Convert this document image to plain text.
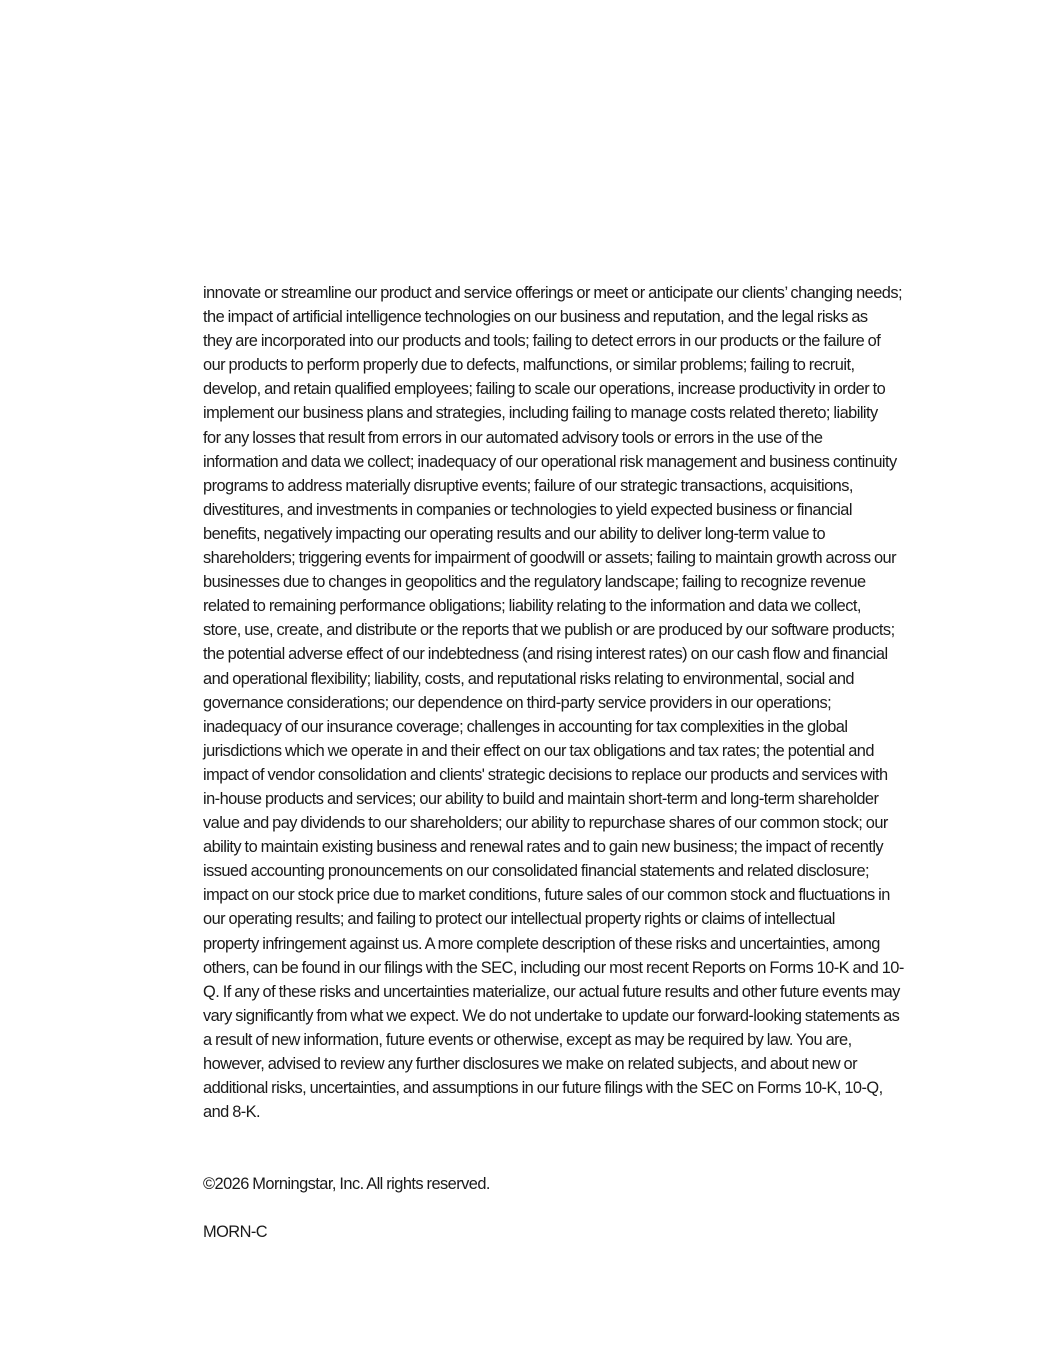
innovate or streamline our product and service offerings or meet or anticipate our clients’ changing needs;
the impact of artificial intelligence technologies on our business and reputation, and the legal risks as
they are incorporated into our products and tools; failing to detect errors in our products or the failure of
our products to perform properly due to defects, malfunctions, or similar problems; failing to recruit,
develop, and retain qualified employees; failing to scale our operations, increase productivity in order to
implement our business plans and strategies, including failing to manage costs related thereto; liability
for any losses that result from errors in our automated advisory tools or errors in the use of the
information and data we collect; inadequacy of our operational risk management and business continuity
programs to address materially disruptive events; failure of our strategic transactions, acquisitions,
divestitures, and investments in companies or technologies to yield expected business or financial
benefits, negatively impacting our operating results and our ability to deliver long-term value to
shareholders; triggering events for impairment of goodwill or assets; failing to maintain growth across our
businesses due to changes in geopolitics and the regulatory landscape; failing to recognize revenue
related to remaining performance obligations; liability relating to the information and data we collect,
store, use, create, and distribute or the reports that we publish or are produced by our software products;
the potential adverse effect of our indebtedness (and rising interest rates) on our cash flow and financial
and operational flexibility; liability, costs, and reputational risks relating to environmental, social and
governance considerations; our dependence on third-party service providers in our operations;
inadequacy of our insurance coverage; challenges in accounting for tax complexities in the global
jurisdictions which we operate in and their effect on our tax obligations and tax rates; the potential and
impact of vendor consolidation and clients' strategic decisions to replace our products and services with
in-house products and services; our ability to build and maintain short-term and long-term shareholder
value and pay dividends to our shareholders; our ability to repurchase shares of our common stock; our
ability to maintain existing business and renewal rates and to gain new business; the impact of recently
issued accounting pronouncements on our consolidated financial statements and related disclosure;
impact on our stock price due to market conditions, future sales of our common stock and fluctuations in
our operating results; and failing to protect our intellectual property rights or claims of intellectual
property infringement against us. A more complete description of these risks and uncertainties, among
others, can be found in our filings with the SEC, including our most recent Reports on Forms 10-K and 10-
Q. If any of these risks and uncertainties materialize, our actual future results and other future events may
vary significantly from what we expect. We do not undertake to update our forward-looking statements as
a result of new information, future events or otherwise, except as may be required by law. You are,
however, advised to review any further disclosures we make on related subjects, and about new or
additional risks, uncertainties, and assumptions in our future filings with the SEC on Forms 10-K, 10-Q,
and 8-K.
©2026 Morningstar, Inc. All rights reserved.
MORN-C
